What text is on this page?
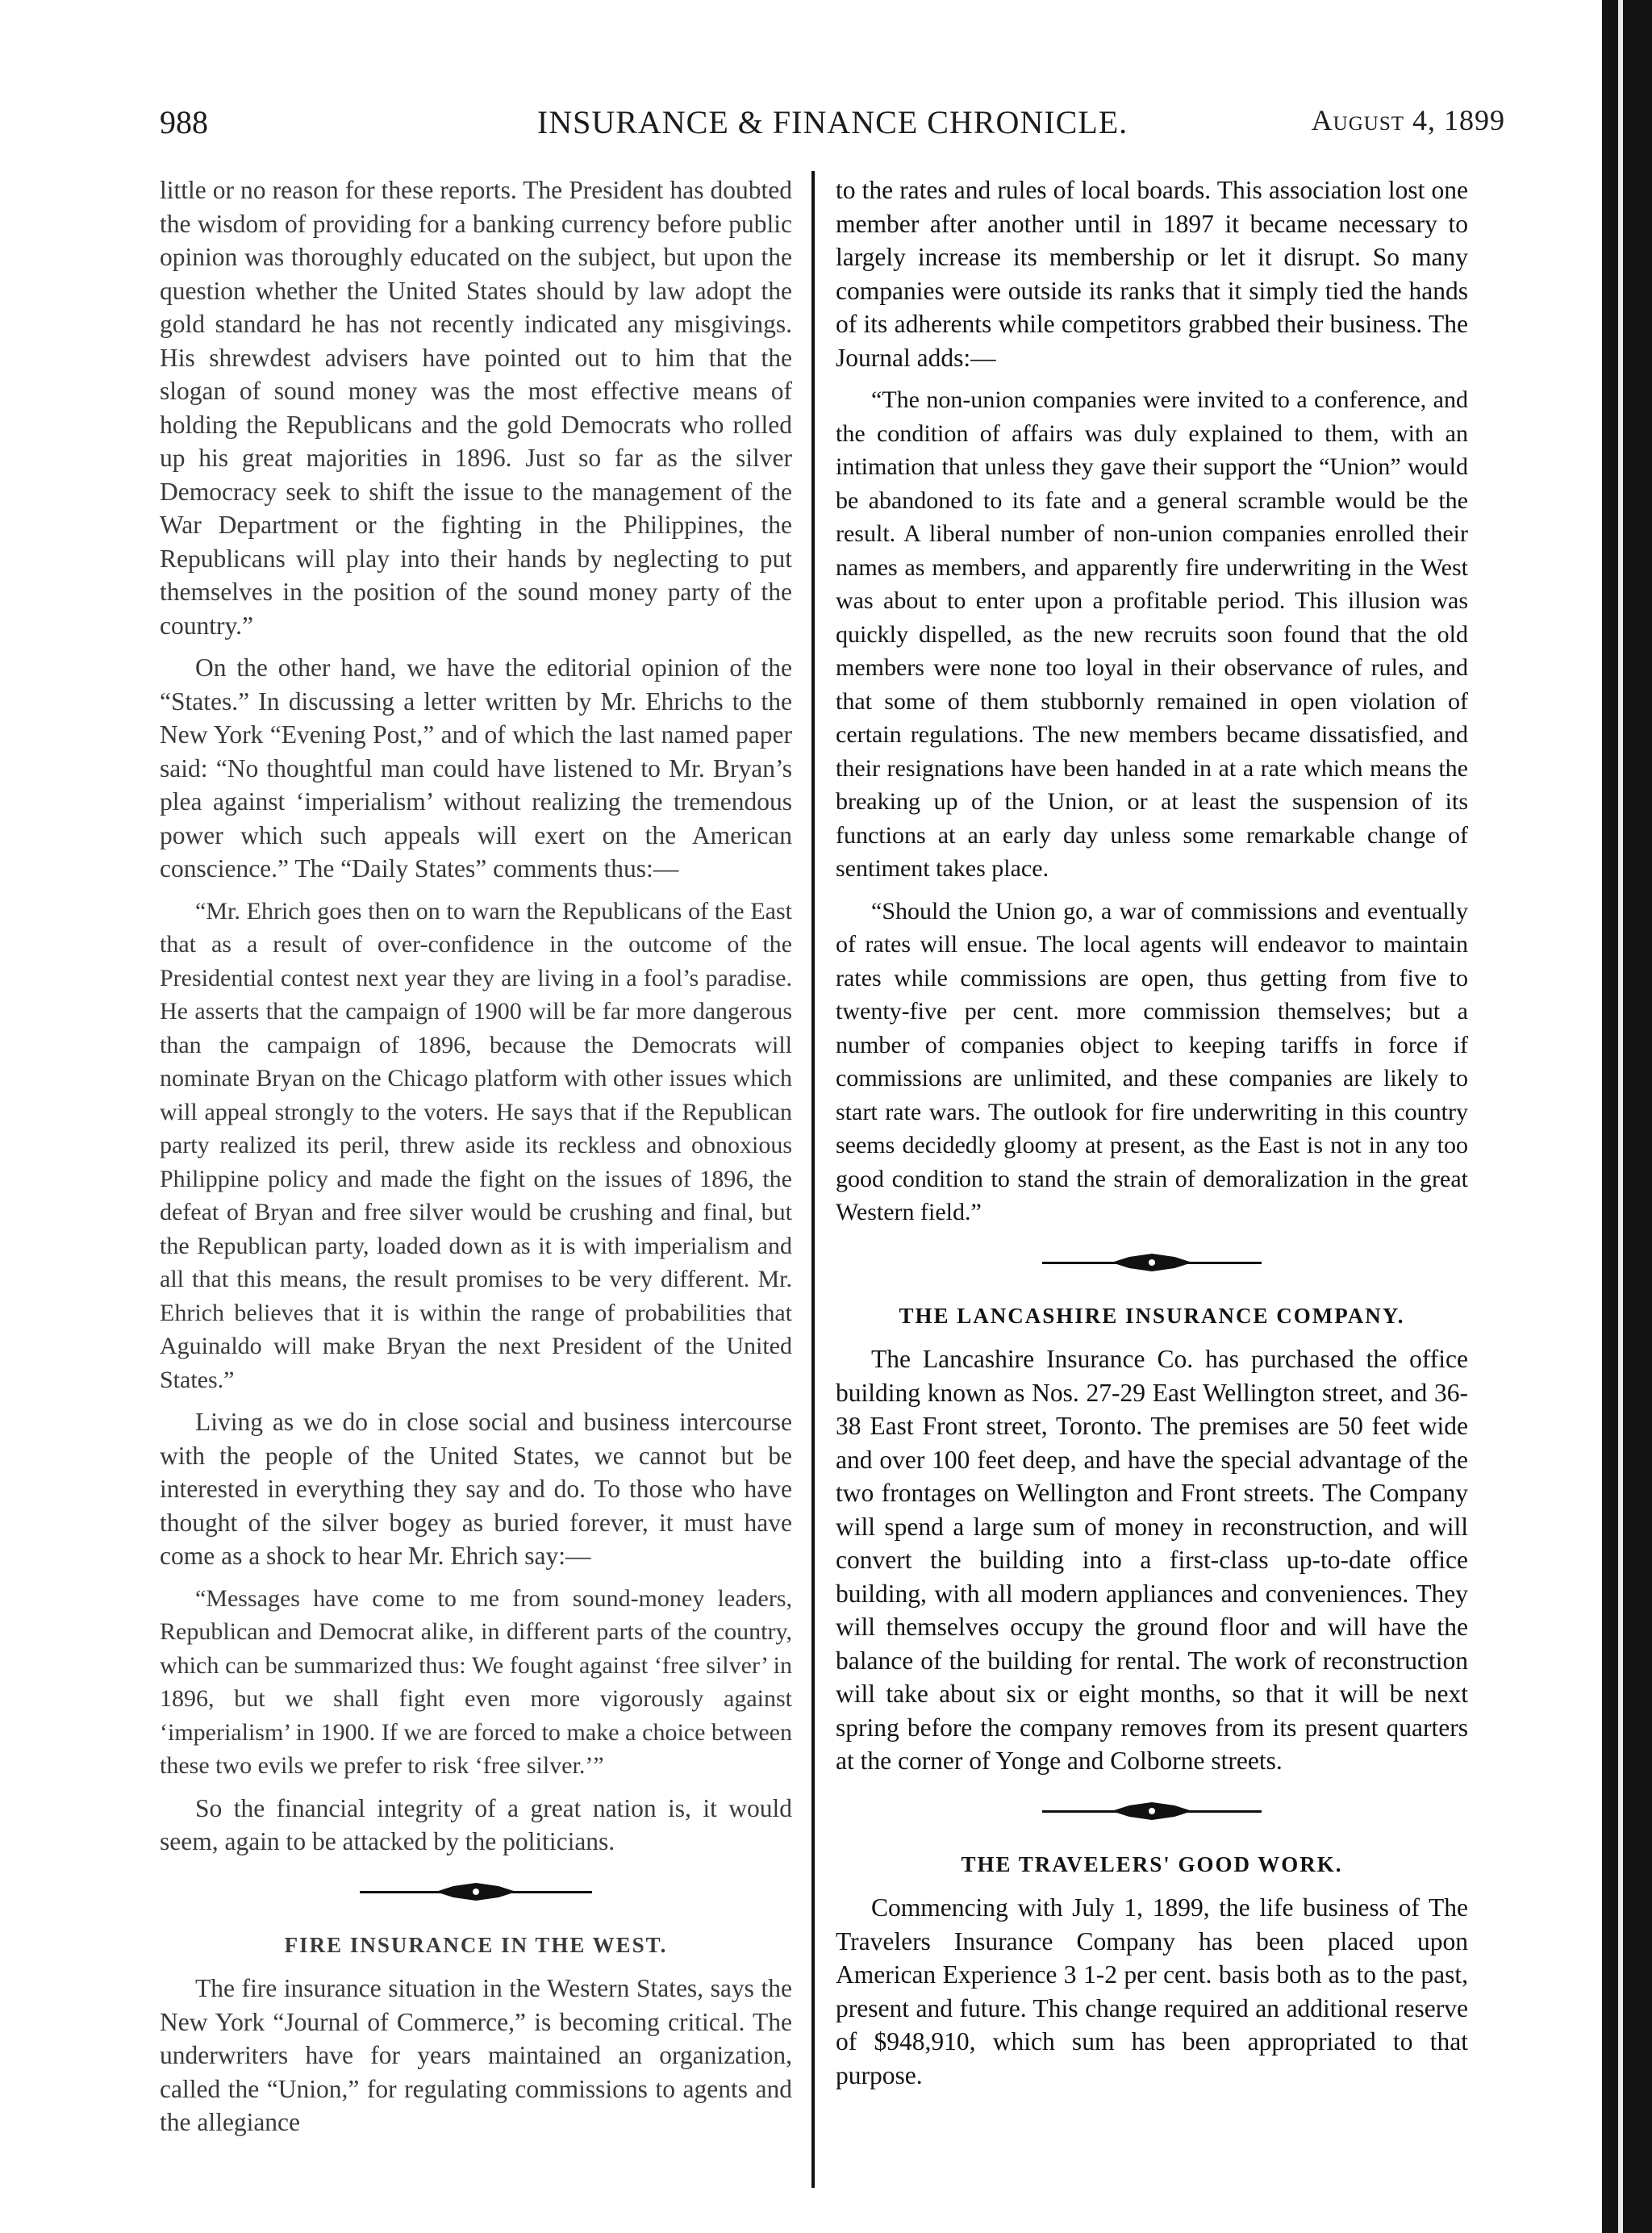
INSURANCE & FINANCE CHRONICLE.
988	August 4, 1899

little or no reason for these reports. The President has doubted the wisdom of providing for a banking currency before public opinion was thoroughly educated on the subject, but upon the question whether the United States should by law adopt the gold standard he has not recently indicated any misgivings. His shrewdest advisers have pointed out to him that the slogan of sound money was the most effective means of holding the Republicans and the gold Democrats who rolled up his great majorities in 1896. Just so far as the silver Democracy seek to shift the issue to the management of the War Department or the fighting in the Philippines, the Republicans will play into their hands by neglecting to put themselves in the position of the sound money party of the country.”

On the other hand, we have the editorial opinion of the “States.” In discussing a letter written by Mr. Ehrichs to the New York “Evening Post,” and of which the last named paper said: “No thoughtful man could have listened to Mr. Bryan’s plea against ‘imperialism’ without realizing the tremendous power which such appeals will exert on the American conscience.” The “Daily States” comments thus:—

“Mr. Ehrich goes then on to warn the Republicans of the East that as a result of over-confidence in the outcome of the Presidential contest next year they are living in a fool’s paradise. He asserts that the campaign of 1900 will be far more dangerous than the campaign of 1896, because the Democrats will nominate Bryan on the Chicago platform with other issues which will appeal strongly to the voters. He says that if the Republican party realized its peril, threw aside its reckless and obnoxious Philippine policy and made the fight on the issues of 1896, the defeat of Bryan and free silver would be crushing and final, but the Republican party, loaded down as it is with imperialism and all that this means, the result promises to be very different. Mr. Ehrich believes that it is within the range of probabilities that Aguinaldo will make Bryan the next President of the United States.”

Living as we do in close social and business intercourse with the people of the United States, we cannot but be interested in everything they say and do. To those who have thought of the silver bogey as buried forever, it must have come as a shock to hear Mr. Ehrich say:—

“Messages have come to me from sound-money leaders, Republican and Democrat alike, in different parts of the country, which can be summarized thus: We fought against ‘free silver’ in 1896, but we shall fight even more vigorously against ‘imperialism’ in 1900. If we are forced to make a choice between these two evils we prefer to risk ‘free silver.’”

So the financial integrity of a great nation is, it would seem, again to be attacked by the politicians.

FIRE INSURANCE IN THE WEST.

The fire insurance situation in the Western States, says the New York “Journal of Commerce,” is becoming critical. The underwriters have for years maintained an organization, called the “Union,” for regulating commissions to agents and the allegiance

to the rates and rules of local boards. This association lost one member after another until in 1897 it became necessary to largely increase its membership or let it disrupt. So many companies were outside its ranks that it simply tied the hands of its adherents while competitors grabbed their business. The Journal adds:—

“The non-union companies were invited to a conference, and the condition of affairs was duly explained to them, with an intimation that unless they gave their support the “Union” would be abandoned to its fate and a general scramble would be the result. A liberal number of non-union companies enrolled their names as members, and apparently fire underwriting in the West was about to enter upon a profitable period. This illusion was quickly dispelled, as the new recruits soon found that the old members were none too loyal in their observance of rules, and that some of them stubbornly remained in open violation of certain regulations. The new members became dissatisfied, and their resignations have been handed in at a rate which means the breaking up of the Union, or at least the suspension of its functions at an early day unless some remarkable change of sentiment takes place.

“Should the Union go, a war of commissions and eventually of rates will ensue. The local agents will endeavor to maintain rates while commissions are open, thus getting from five to twenty-five per cent. more commission themselves; but a number of companies object to keeping tariffs in force if commissions are unlimited, and these companies are likely to start rate wars. The outlook for fire underwriting in this country seems decidedly gloomy at present, as the East is not in any too good condition to stand the strain of demoralization in the great Western field.”

THE LANCASHIRE INSURANCE COMPANY.

The Lancashire Insurance Co. has purchased the office building known as Nos. 27-29 East Wellington street, and 36-38 East Front street, Toronto. The premises are 50 feet wide and over 100 feet deep, and have the special advantage of the two frontages on Wellington and Front streets. The Company will spend a large sum of money in reconstruction, and will convert the building into a first-class up-to-date office building, with all modern appliances and conveniences. They will themselves occupy the ground floor and will have the balance of the building for rental. The work of reconstruction will take about six or eight months, so that it will be next spring before the company removes from its present quarters at the corner of Yonge and Colborne streets.

THE TRAVELERS' GOOD WORK.

Commencing with July 1, 1899, the life business of The Travelers Insurance Company has been placed upon American Experience 3 1-2 per cent. basis both as to the past, present and future. This change required an additional reserve of $948,910, which sum has been appropriated to that purpose.
